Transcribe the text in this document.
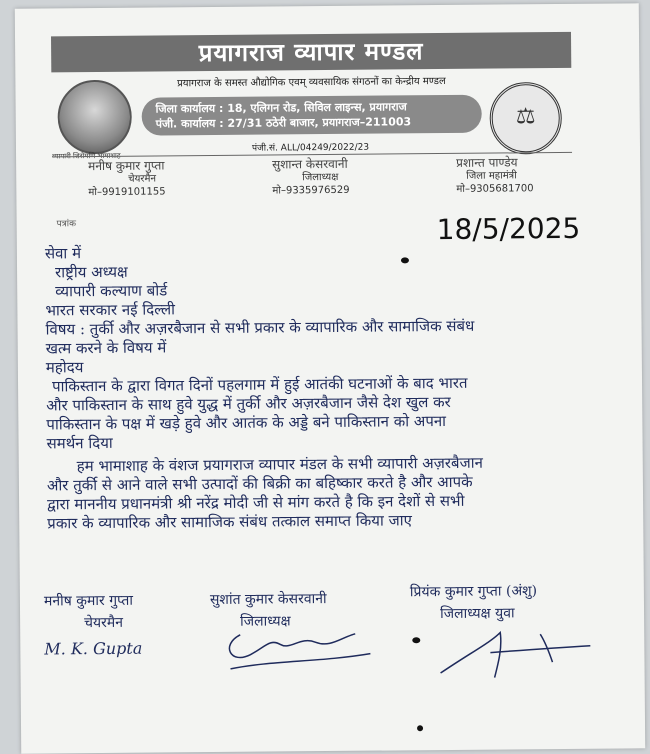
प्रयागराज व्यापार मण्डल
प्रयागराज के समस्त औद्योगिक एवम् व्यवसायिक संगठनों का केन्द्रीय मण्डल
जिला कार्यालय : 18, एलिगन रोड, सिविल लाइन्स, प्रयागराज
पंजी. कार्यालय : 27/31 ठठेरी बाजार, प्रयागराज–211003	⚖
पंजी.सं. ALL/04249/2022/23
मनीष कुमार गुप्ता
चेयरमैन
मो–9919101155
सुशान्त केसरवानी
जिलाध्यक्ष
मो–9335976529
प्रशान्त पाण्डेय
जिला महामंत्री
मो–9305681700
पत्रांक	18/5/2025
सेवा में
राष्ट्रीय अध्यक्ष
व्यापारी कल्याण बोर्ड
भारत सरकार नई दिल्ली
विषय : तुर्की और अज़रबैजान से सभी प्रकार के व्यापारिक और सामाजिक संबंध
खत्म करने के विषय में
महोदय
पाकिस्तान के द्वारा विगत दिनों पहलगाम में हुई आतंकी घटनाओं के बाद भारत
और पाकिस्तान के साथ हुवे युद्ध में तुर्की और अज़रबैजान जैसे देश खुल कर
पाकिस्तान के पक्ष में खड़े हुवे और आतंक के अड्डे बने पाकिस्तान को अपना
समर्थन दिया
हम भामाशाह के वंशज प्रयागराज व्यापार मंडल के सभी व्यापारी अज़रबैजान
और तुर्की से आने वाले सभी उत्पादों की बिक्री का बहिष्कार करते है और आपके
द्वारा माननीय प्रधानमंत्री श्री नरेंद्र मोदी जी से मांग करते है कि इन देशों से सभी
प्रकार के व्यापारिक और सामाजिक संबंध तत्काल समाप्त किया जाए
मनीष कुमार गुप्ता
चेयरमैन
M. K. Gupta
सुशांत कुमार केसरवानी
जिलाध्यक्ष
प्रियंक कुमार गुप्ता (अंशु)
जिलाध्यक्ष युवा
